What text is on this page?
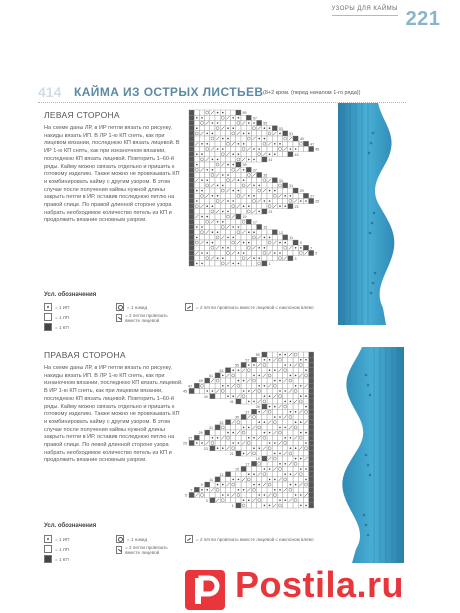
УЗОРЫ ДЛЯ КАЙМЫ 221
414 КАЙМА ИЗ ОСТРЫХ ЛИСТЬЕВ (8+2 кром. (перед началом 1-го ряда))
ЛЕВАЯ СТОРОНА

На схеме даны ЛР, в ИР петли вязать по рисунку, накиды вязать ИП. В ЛР 1-ю КП снять, как при лицевом вязании, последнюю КП вязать лицевой. В ИР 1-ю КП снять, как при изнаночном вязании, последнюю КП вязать лицевой. Повторить 1–60-й ряды. Кайму можно связать отдельно и пришить к готовому изделию. Также можно не провязывать КП и комбинировать кайму с другим узором. В этом случае после получения каймы нужной длины закрыть петли в ИР, оставив последнюю петлю на правой спице. По правой длинной стороне узора набрать необходимое количество петель из КП и продолжить вязание основным узором.

59
57
55
53
51
49
47
45
43
41
39
37
35
33
31
29
27
25
23
21
19
17
15
13
11
9
7
5
3
1
Усл. обозначения
= 1 ИП
= 1 ЛП
= 1 КП
= 1 накид
= 2 петли провязать вместе лицевой
= 2 петли провязать вместе лицевой с наклоном влево
ПРАВАЯ СТОРОНА

На схеме даны ЛР, в ИР петли вязать по рисунку, накиды вязать ИП. В ЛР 1-ю КП снять, как при изнаночном вязании, последнюю КП вязать лицевой. В ИР 1-ю КП снять, как при лицевом вязании, последнюю КП вязать лицевой. Повторить 1–60-й ряды. Кайму можно связать отдельно и пришить к готовому изделию. Также можно не провязывать КП и комбинировать кайму с другим узором. В этом случае после получения каймы нужной длины закрыть петли в ИР, оставив последнюю петлю на правой спице. По левой длинной стороне узора набрать необходимое количество петель из КП и продолжить вязание основным узором.

59
57
55
53
51
49
47
45
43
41
39
37
35
33
31
29
27
25
23
21
19
17
15
13
11
9
7
5
3
1
Усл. обозначения
= 1 ИП
= 1 ЛП
= 1 КП
= 1 накид
= 2 петли провязать вместе лицевой
= 2 петли провязать вместе лицевой с наклоном влево
Postila.ru
